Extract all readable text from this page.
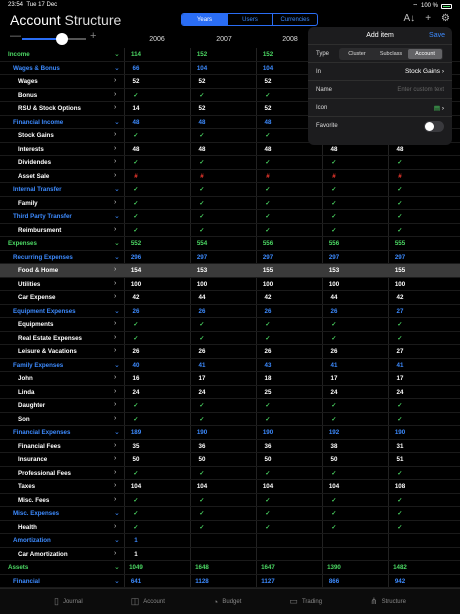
23:54 Tue 17 Dec	⌔ 100 %
Account Structure	Years	Users	Currencies	A↓ + ⚙
—	+	2006	2007	2008
Income	⌄	114	152	152
Wages & Bonus	⌄	66	104	104
Wages	›	52	52	52
Bonus	›	✓	✓	✓
RSU & Stock Options	›	14	52	52
Financial Income	⌄	48	48	48
Stock Gains	›	✓	✓	✓
Interests	›	48	48	48	48	48
Dividendes	›	✓	✓	✓	✓	✓
Asset Sale	›	#	#	#	#	#
Internal Transfer	⌄	✓	✓	✓	✓	✓
Family	›	✓	✓	✓	✓	✓
Third Party Transfer	⌄	✓	✓	✓	✓	✓
Reimbursment	›	✓	✓	✓	✓	✓
Expenses	⌄	552	554	556	556	555
Recurring Expenses	⌄	296	297	297	297	297
Food & Home	›	154	153	155	153	155
Utilities	›	100	100	100	100	100
Car Expense	›	42	44	42	44	42
Equipment Expenses	⌄	26	26	26	26	27
Equipments	›	✓	✓	✓	✓	✓
Real Estate Expenses	›	✓	✓	✓	✓	✓
Leisure & Vacations	›	26	26	26	26	27
Family Expenses	⌄	40	41	43	41	41
John	›	16	17	18	17	17
Linda	›	24	24	25	24	24
Daughter	›	✓	✓	✓	✓	✓
Son	›	✓	✓	✓	✓	✓
Financial Expenses	⌄	189	190	190	192	190
Financial Fees	›	35	36	36	38	31
Insurance	›	50	50	50	50	51
Professional Fees	›	✓	✓	✓	✓	✓
Taxes	›	104	104	104	104	108
Misc. Fees	›	✓	✓	✓	✓	✓
Misc. Expenses	⌄	✓	✓	✓	✓	✓
Health	›	✓	✓	✓	✓	✓
Amortization	⌄	1
Car Amortization	›	1
Assets	⌄	1049	1648	1647	1390	1482
Financial	⌄	641	1128	1127	866	942
Add item	Save
Type	Cluster	Subclass	Account
In	Stock Gains ›
Name	Enter custom text
Icon	▤ ›
Favorite
▯ Journal	◫ Account	◔ Budget	▭ Trading	⋔ Structure
